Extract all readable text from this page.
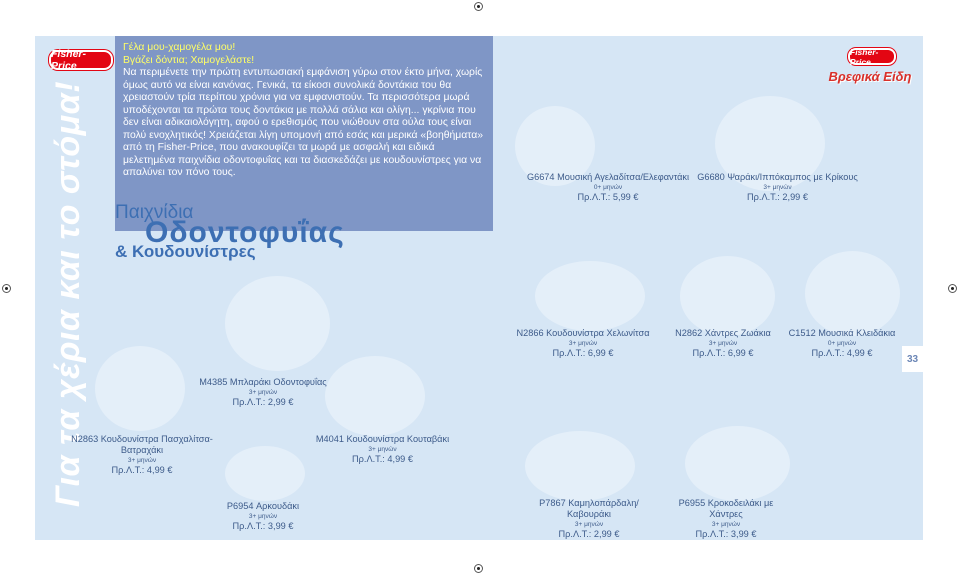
Για τα χέρια και το στόμα!
Fisher-Price
Fisher-Price
Βρεφικά Είδη
Γέλα μου-χαμογέλα μου!
Βγάζει δόντια; Χαμογελάστε!
Να περιμένετε την πρώτη εντυπωσιακή εμφάνιση γύρω στον έκτο μήνα, χωρίς όμως αυτό να είναι κανόνας. Γενικά, τα είκοσι συνολικά δοντάκια του θα χρειαστούν τρία περίπου χρόνια για να εμφανιστούν. Τα περισσότερα μωρά υποδέχονται τα πρώτα τους δοντάκια με πολλά σάλια και ολίγη... γκρίνια που δεν είναι αδικαιολόγητη, αφού ο ερεθισμός που νιώθουν στα ούλα τους είναι πολύ ενοχλητικός! Χρειάζεται λίγη υπομονή από εσάς και μερικά «βοηθήματα» από τη Fisher-Price, που ανακουφίζει τα μωρά με ασφαλή και ειδικά μελετημένα παιχνίδια οδοντοφυΐας και τα διασκεδάζει με κουδουνίστρες για να απαλύνει τον πόνο τους.
Παιχνίδια
Οδοντοφυΐας
& Κουδουνίστρες
G6674 Μουσική Αγελαδίτσα/Ελεφαντάκι
0+ μηνών
Πρ.Λ.Τ.: 5,99 €
G6680 Ψαράκι/Ιππόκαμπος με Κρίκους
3+ μηνών
Πρ.Λ.Τ.: 2,99 €
N2866 Κουδουνίστρα Χελωνίτσα
3+ μηνών
Πρ.Λ.Τ.: 6,99 €
N2862 Χάντρες Ζωάκια
3+ μηνών
Πρ.Λ.Τ.: 6,99 €
C1512 Μουσικά Κλειδάκια
0+ μηνών
Πρ.Λ.Τ.: 4,99 €
M4385 Μπλαράκι Οδοντοφυΐας
3+ μηνών
Πρ.Λ.Τ.: 2,99 €
N2863 Κουδουνίστρα Πασχαλίτσα-Βατραχάκι
3+ μηνών
Πρ.Λ.Τ.: 4,99 €
M4041 Κουδουνίστρα Κουταβάκι
3+ μηνών
Πρ.Λ.Τ.: 4,99 €
P6954 Αρκουδάκι
3+ μηνών
Πρ.Λ.Τ.: 3,99 €
P7867 Καμηλοπάρδαλη/Καβουράκι
3+ μηνών
Πρ.Λ.Τ.: 2,99 €
P6955 Κροκοδειλάκι με Χάντρες
3+ μηνών
Πρ.Λ.Τ.: 3,99 €
33
